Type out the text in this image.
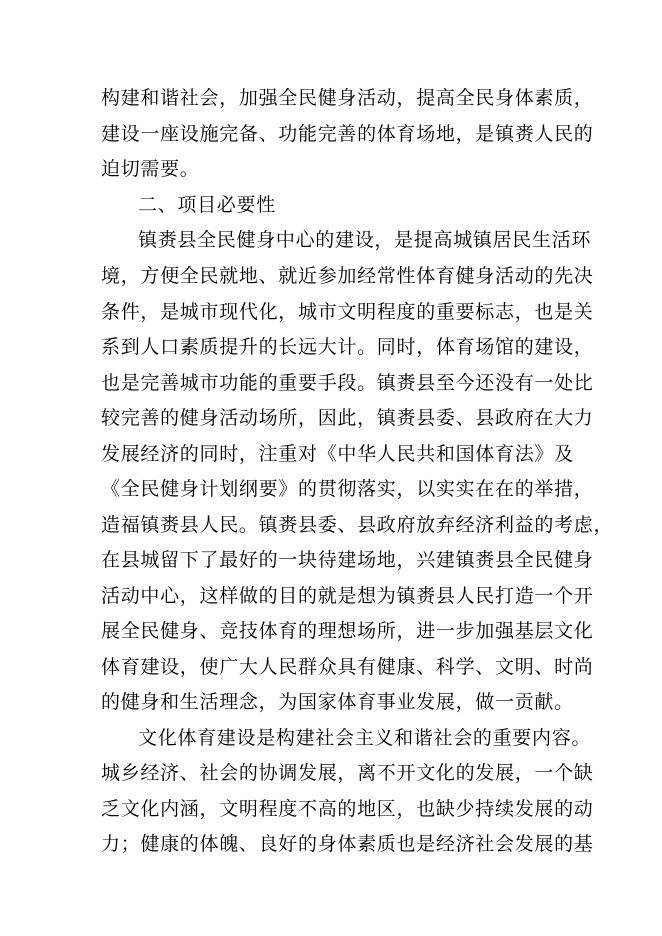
构建和谐社会，加强全民健身活动，提高全民身体素质，
建设一座设施完备、功能完善的体育场地，是镇赉人民的
迫切需要。
二、项目必要性
镇赉县全民健身中心的建设，是提高城镇居民生活环
境，方便全民就地、就近参加经常性体育健身活动的先决
条件，是城市现代化，城市文明程度的重要标志，也是关
系到人口素质提升的长远大计。同时，体育场馆的建设，
也是完善城市功能的重要手段。镇赉县至今还没有一处比
较完善的健身活动场所，因此，镇赉县委、县政府在大力
发展经济的同时，注重对《中华人民共和国体育法》及
《全民健身计划纲要》的贯彻落实，以实实在在的举措，
造福镇赉县人民。镇赉县委、县政府放弃经济利益的考虑，
在县城留下了最好的一块待建场地，兴建镇赉县全民健身
活动中心，这样做的目的就是想为镇赉县人民打造一个开
展全民健身、竞技体育的理想场所，进一步加强基层文化
体育建设，使广大人民群众具有健康、科学、文明、时尚
的健身和生活理念，为国家体育事业发展，做一贡献。
文化体育建设是构建社会主义和谐社会的重要内容。
城乡经济、社会的协调发展，离不开文化的发展，一个缺
乏文化内涵，文明程度不高的地区，也缺少持续发展的动
力；健康的体魄、良好的身体素质也是经济社会发展的基
